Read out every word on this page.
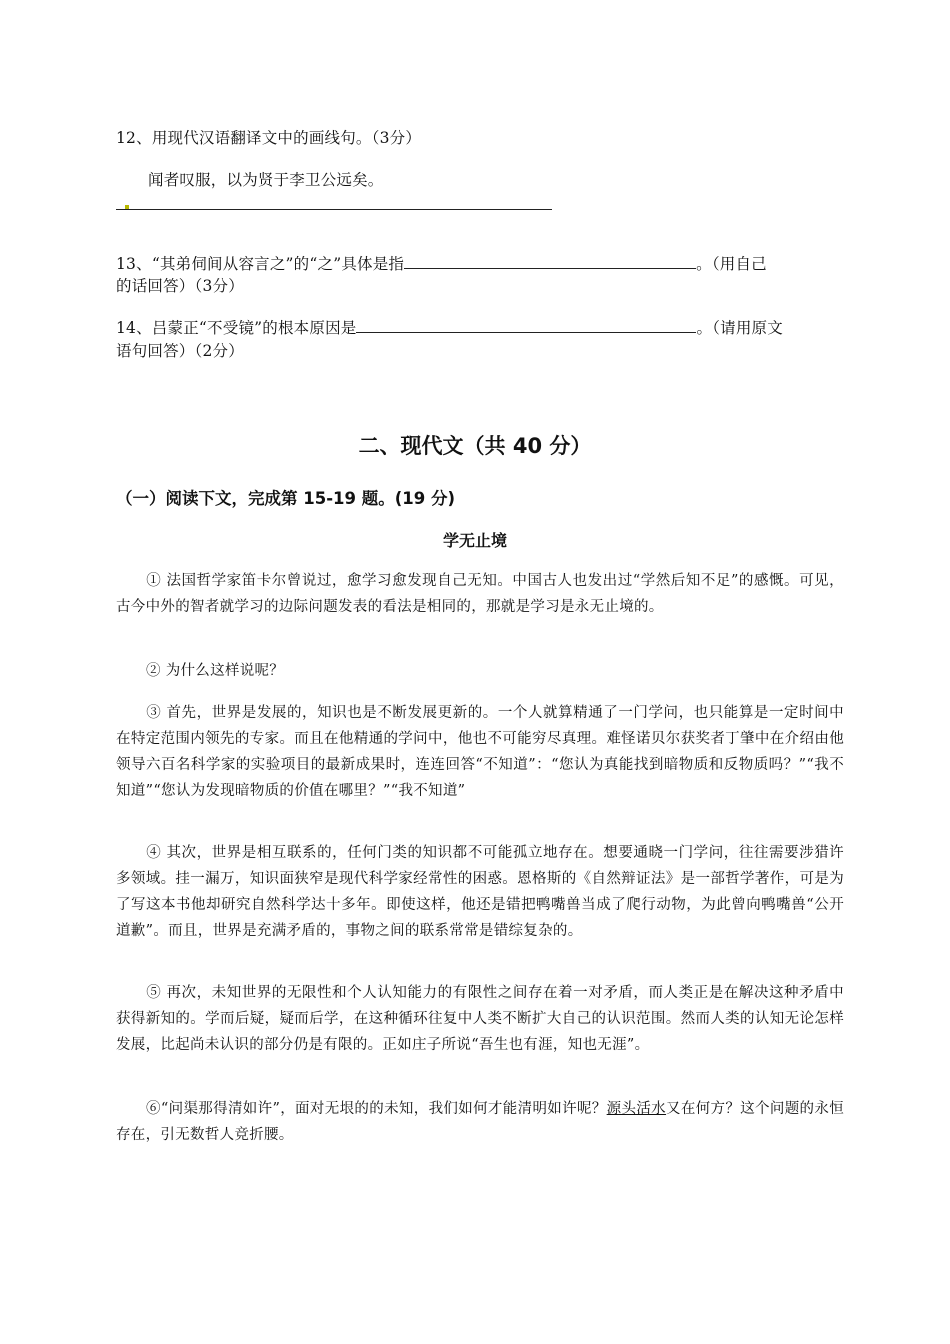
12、用现代汉语翻译文中的画线句。（3分）
闻者叹服，以为贤于李卫公远矣。
13、“其弟伺间从容言之”的“之”具体是指	。（用自己
的话回答）（3分）
14、吕蒙正“不受镜”的根本原因是	。（请用原文
语句回答）（2分）
二、现代文（共 40 分）
（一）阅读下文，完成第 15-19 题。(19 分)
学无止境
① 法国哲学家笛卡尔曾说过，愈学习愈发现自己无知。中国古人也发出过“学然后知不足”的感慨。可见，古今中外的智者就学习的边际问题发表的看法是相同的，那就是学习是永无止境的。
② 为什么这样说呢？
③ 首先，世界是发展的，知识也是不断发展更新的。一个人就算精通了一门学问，也只能算是一定时间中在特定范围内领先的专家。而且在他精通的学问中，他也不可能穷尽真理。难怪诺贝尔获奖者丁肇中在介绍由他领导六百名科学家的实验项目的最新成果时，连连回答“不知道”：“您认为真能找到暗物质和反物质吗？”“我不知道”“您认为发现暗物质的价值在哪里？”“我不知道”
④ 其次，世界是相互联系的，任何门类的知识都不可能孤立地存在。想要通晓一门学问，往往需要涉猎许多领域。挂一漏万，知识面狭窄是现代科学家经常性的困惑。恩格斯的《自然辩证法》是一部哲学著作，可是为了写这本书他却研究自然科学达十多年。即使这样，他还是错把鸭嘴兽当成了爬行动物，为此曾向鸭嘴兽“公开道歉”。而且，世界是充满矛盾的，事物之间的联系常常是错综复杂的。
⑤ 再次，未知世界的无限性和个人认知能力的有限性之间存在着一对矛盾，而人类正是在解决这种矛盾中获得新知的。学而后疑，疑而后学，在这种循环往复中人类不断扩大自己的认识范围。然而人类的认知无论怎样发展，比起尚未认识的部分仍是有限的。正如庄子所说“吾生也有涯，知也无涯”。
⑥“问渠那得清如许”，面对无垠的的未知，我们如何才能清明如许呢？源头活水又在何方？这个问题的永恒存在，引无数哲人竞折腰。
